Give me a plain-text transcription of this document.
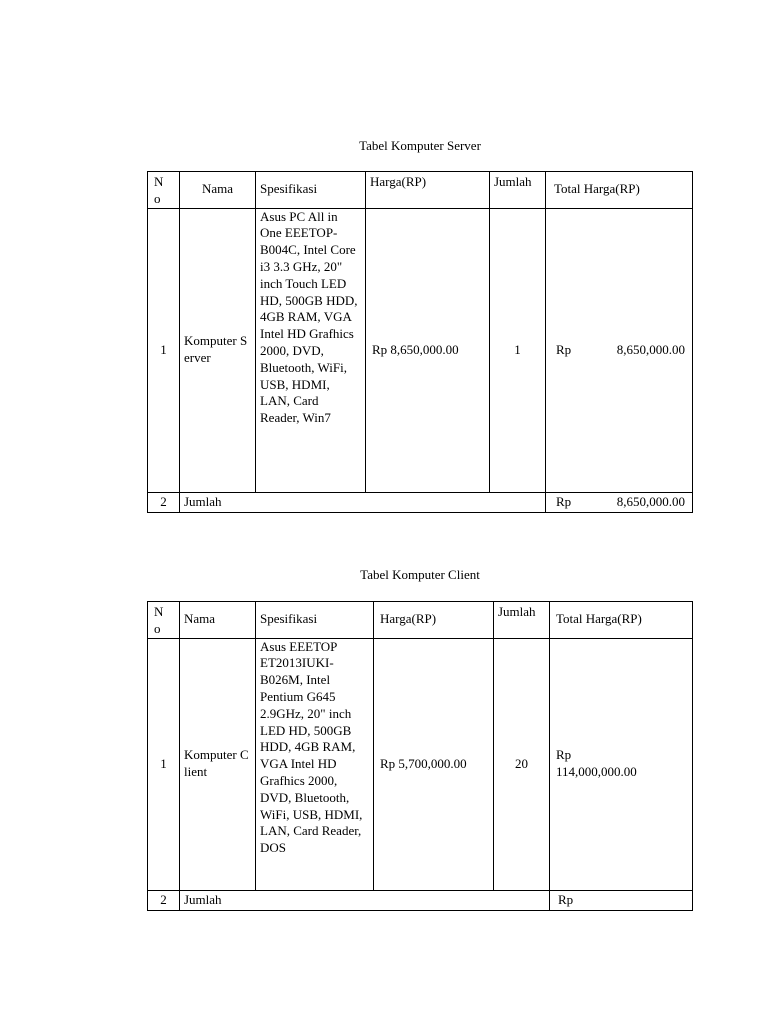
Tabel Komputer Server
No	Nama	Spesifikasi	Harga(RP)	Jumlah	Total Harga(RP)
1	Komputer Server	Asus PC All in One EEETOP-B004C, Intel Core i3 3.3 GHz, 20" inch Touch LED HD, 500GB HDD, 4GB RAM, VGA Intel HD Grafhics 2000, DVD, Bluetooth, WiFi, USB, HDMI, LAN, Card Reader, Win7	Rp 8,650,000.00	1	Rp 8,650,000.00

2	Jumlah				Rp 8,650,000.00
Tabel Komputer Client
No	Nama	Spesifikasi	Harga(RP)	Jumlah	Total Harga(RP)
1	Komputer Client	Asus EEETOP ET2013IUKI-B026M, Intel Pentium G645 2.9GHz, 20" inch LED HD, 500GB HDD, 4GB RAM, VGA Intel HD Grafhics 2000, DVD, Bluetooth, WiFi, USB, HDMI, LAN, Card Reader, DOS	Rp 5,700,000.00	20	Rp 114,000,000.00
2	Jumlah				Rp
